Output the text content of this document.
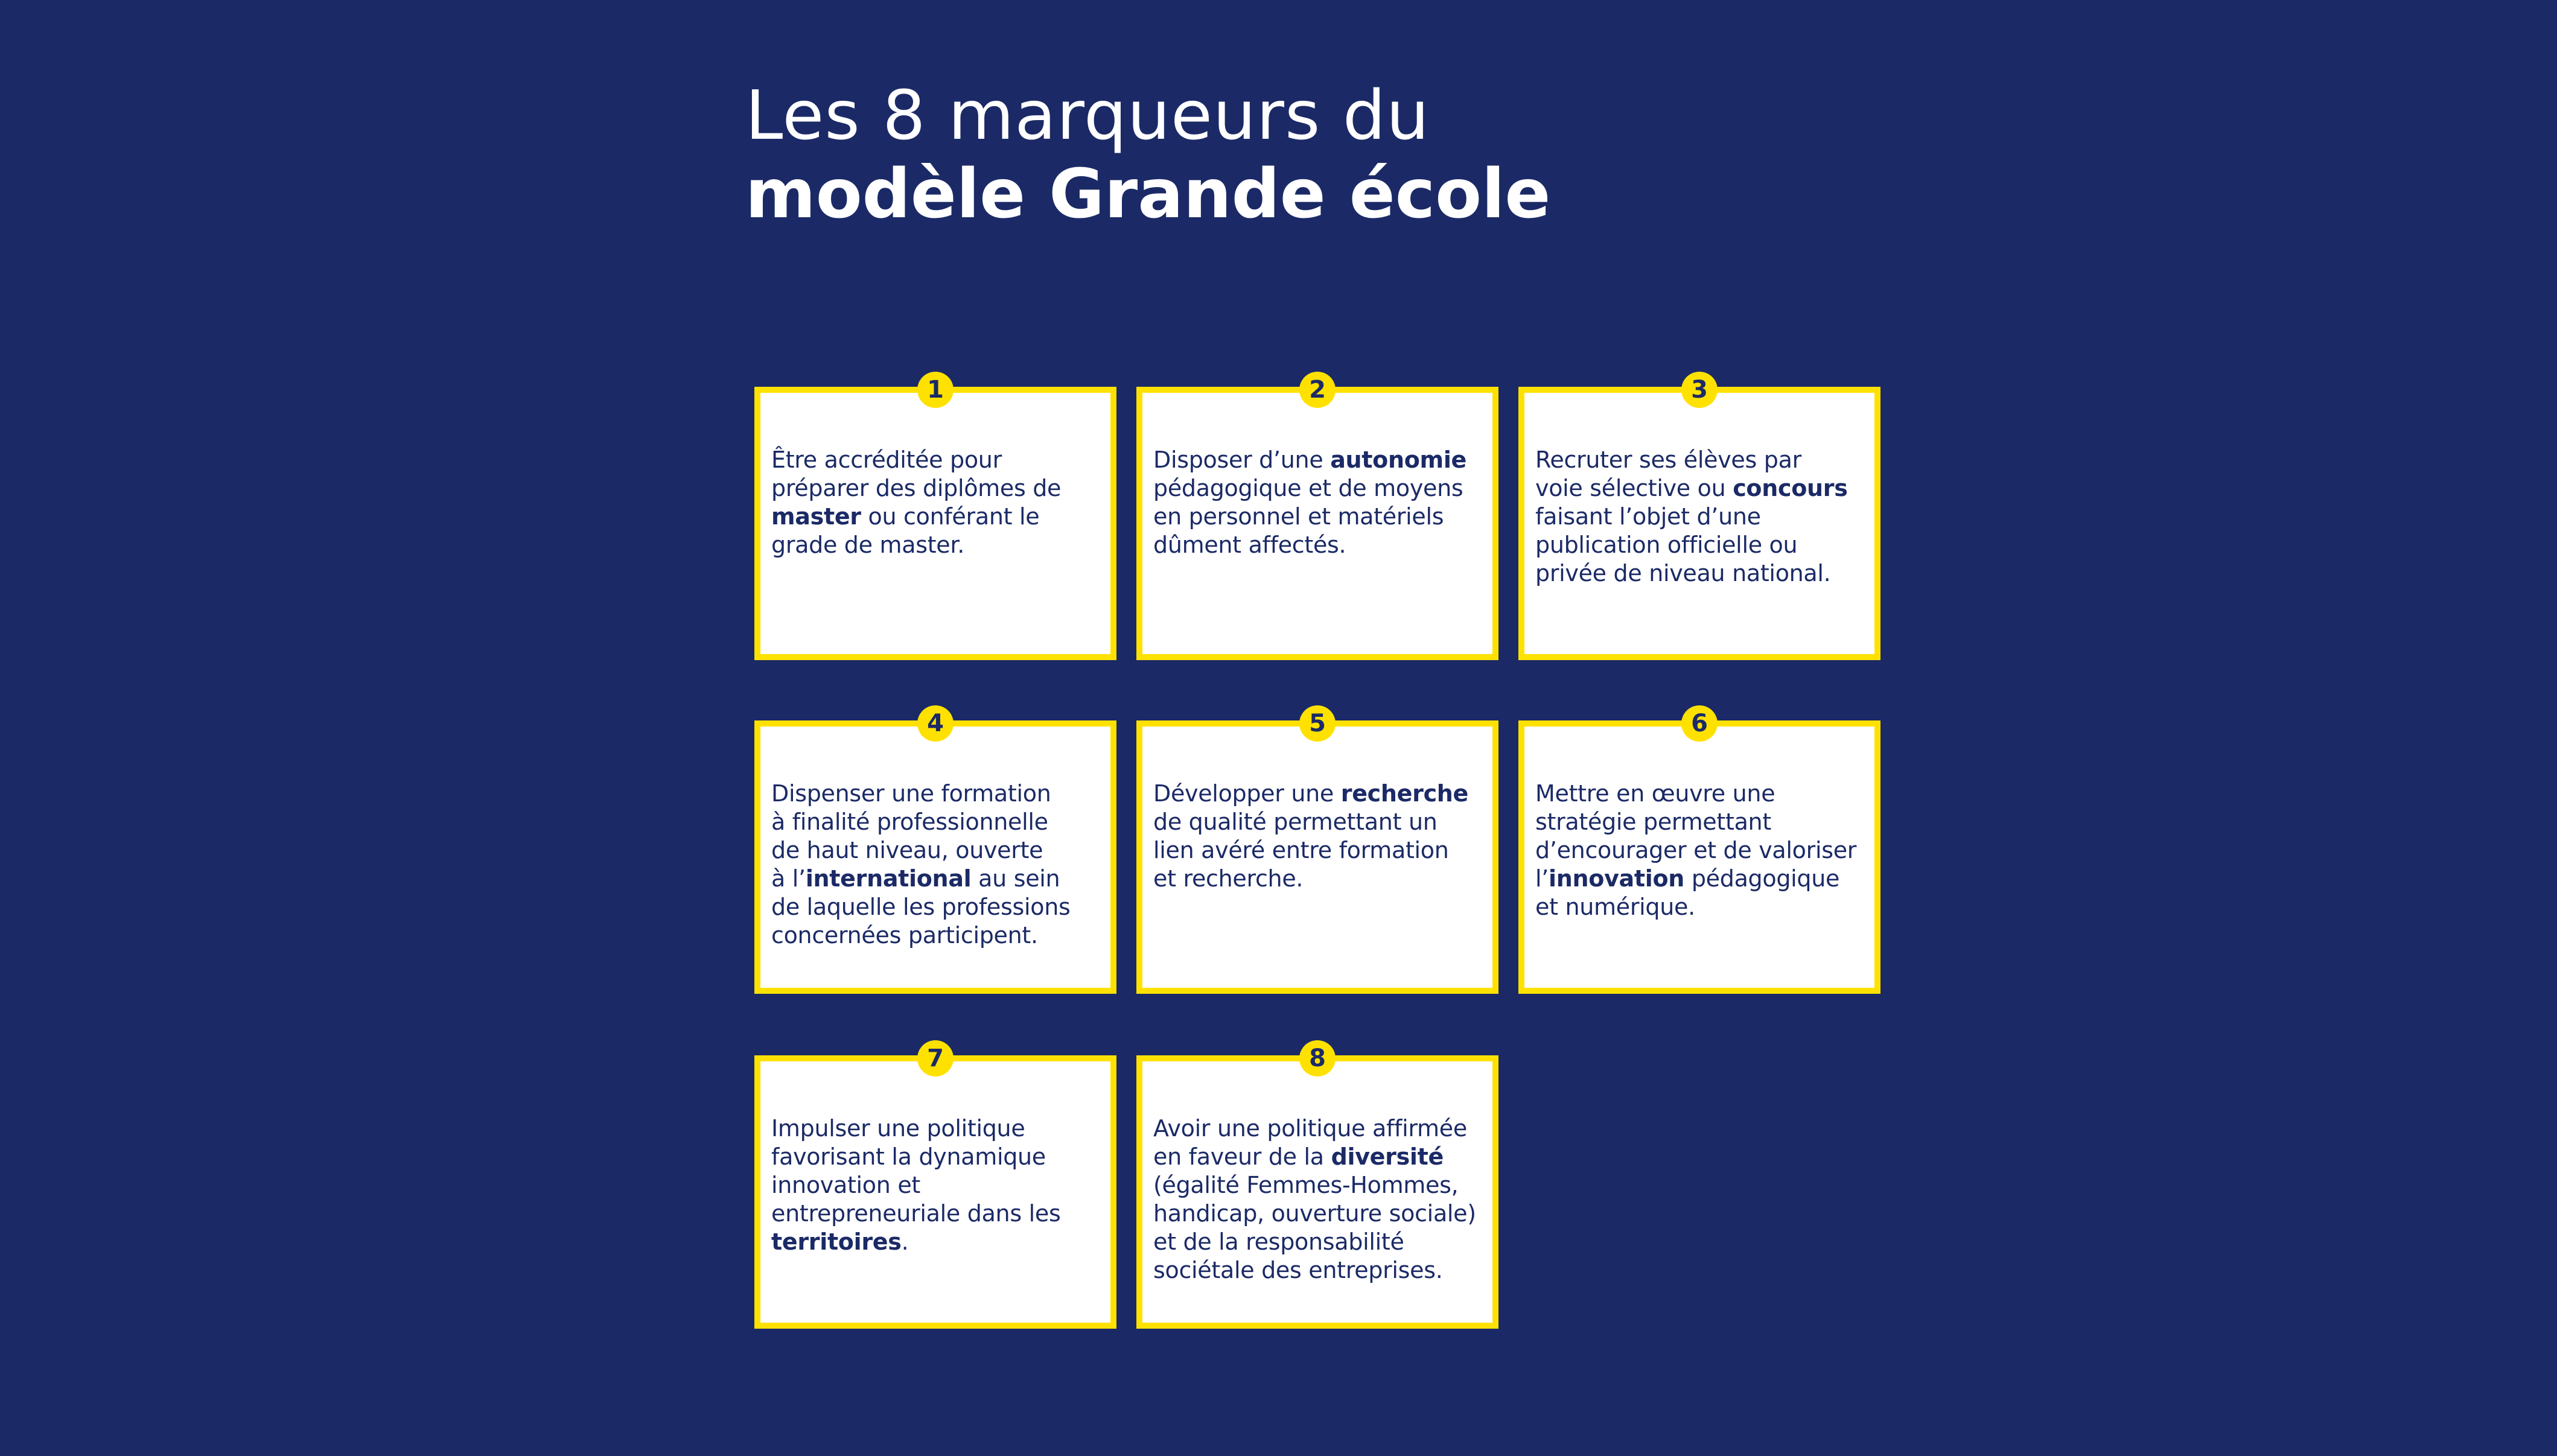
Les 8 marqueurs du
modèle Grande école
1
Être accréditée pour
préparer des diplômes de
master ou conférant le
grade de master.
2
Disposer d’une autonomie
pédagogique et de moyens
en personnel et matériels
dûment affectés.
3
Recruter ses élèves par
voie sélective ou concours
faisant l’objet d’une
publication officielle ou
privée de niveau national.
4
Dispenser une formation
à finalité professionnelle
de haut niveau, ouverte
à l’international au sein
de laquelle les professions
concernées participent.
5
Développer une recherche
de qualité permettant un
lien avéré entre formation
et recherche.
6
Mettre en œuvre une
stratégie permettant
d’encourager et de valoriser
l’innovation pédagogique
et numérique.
7
Impulser une politique
favorisant la dynamique
innovation et
entrepreneuriale dans les
territoires.
8
Avoir une politique affirmée
en faveur de la diversité
(égalité Femmes-Hommes,
handicap, ouverture sociale)
et de la responsabilité
sociétale des entreprises.
